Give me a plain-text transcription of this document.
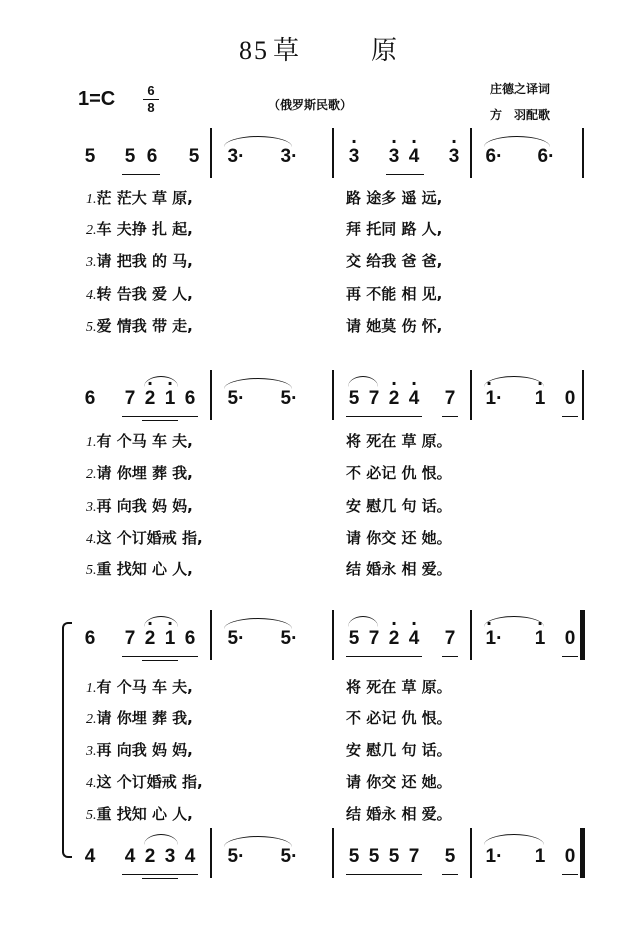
85 草	原
1=C	6
8	（俄罗斯民歌）
庄德之译词
方　羽配歌
5 5 6 5 3· 3·	3
·
3
·
4
·
3
·
6· 6·
1.茫 茫大 草 原,	路 途多 遥 远,
2.车 夫挣 扎 起,	拜 托同 路 人,
3.请 把我 的 马,	交 给我 爸 爸,
4.转 告我 爱 人,	再 不能 相 见,
5.爱 情我 带 走,	请 她莫 伤 怀,
6 7 2
·
1
·
6 5· 5·	5 7 2
·
4
·
7 1·
·
1
·
0
1.有 个马 车 夫,	将 死在 草 原。
2.请 你埋 葬 我,	不 必记 仇 恨。
3.再 向我 妈 妈,	安 慰几 句 话。
4.这 个订婚戒 指,	请 你交 还 她。
5.重 找知 心 人,	结 婚永 相 爱。
6 7 2
·
1
·
6 5· 5·	5 7 2
·
4
·
7 1·
·
1
·
0
1.有 个马 车 夫,	将 死在 草 原。
2.请 你埋 葬 我,	不 必记 仇 恨。
3.再 向我 妈 妈,	安 慰几 句 话。
4.这 个订婚戒 指,	请 你交 还 她。
5.重 找知 心 人,	结 婚永 相 爱。
4 4 2 3 4 5· 5·	5 5 5 7 5 1· 1 0
